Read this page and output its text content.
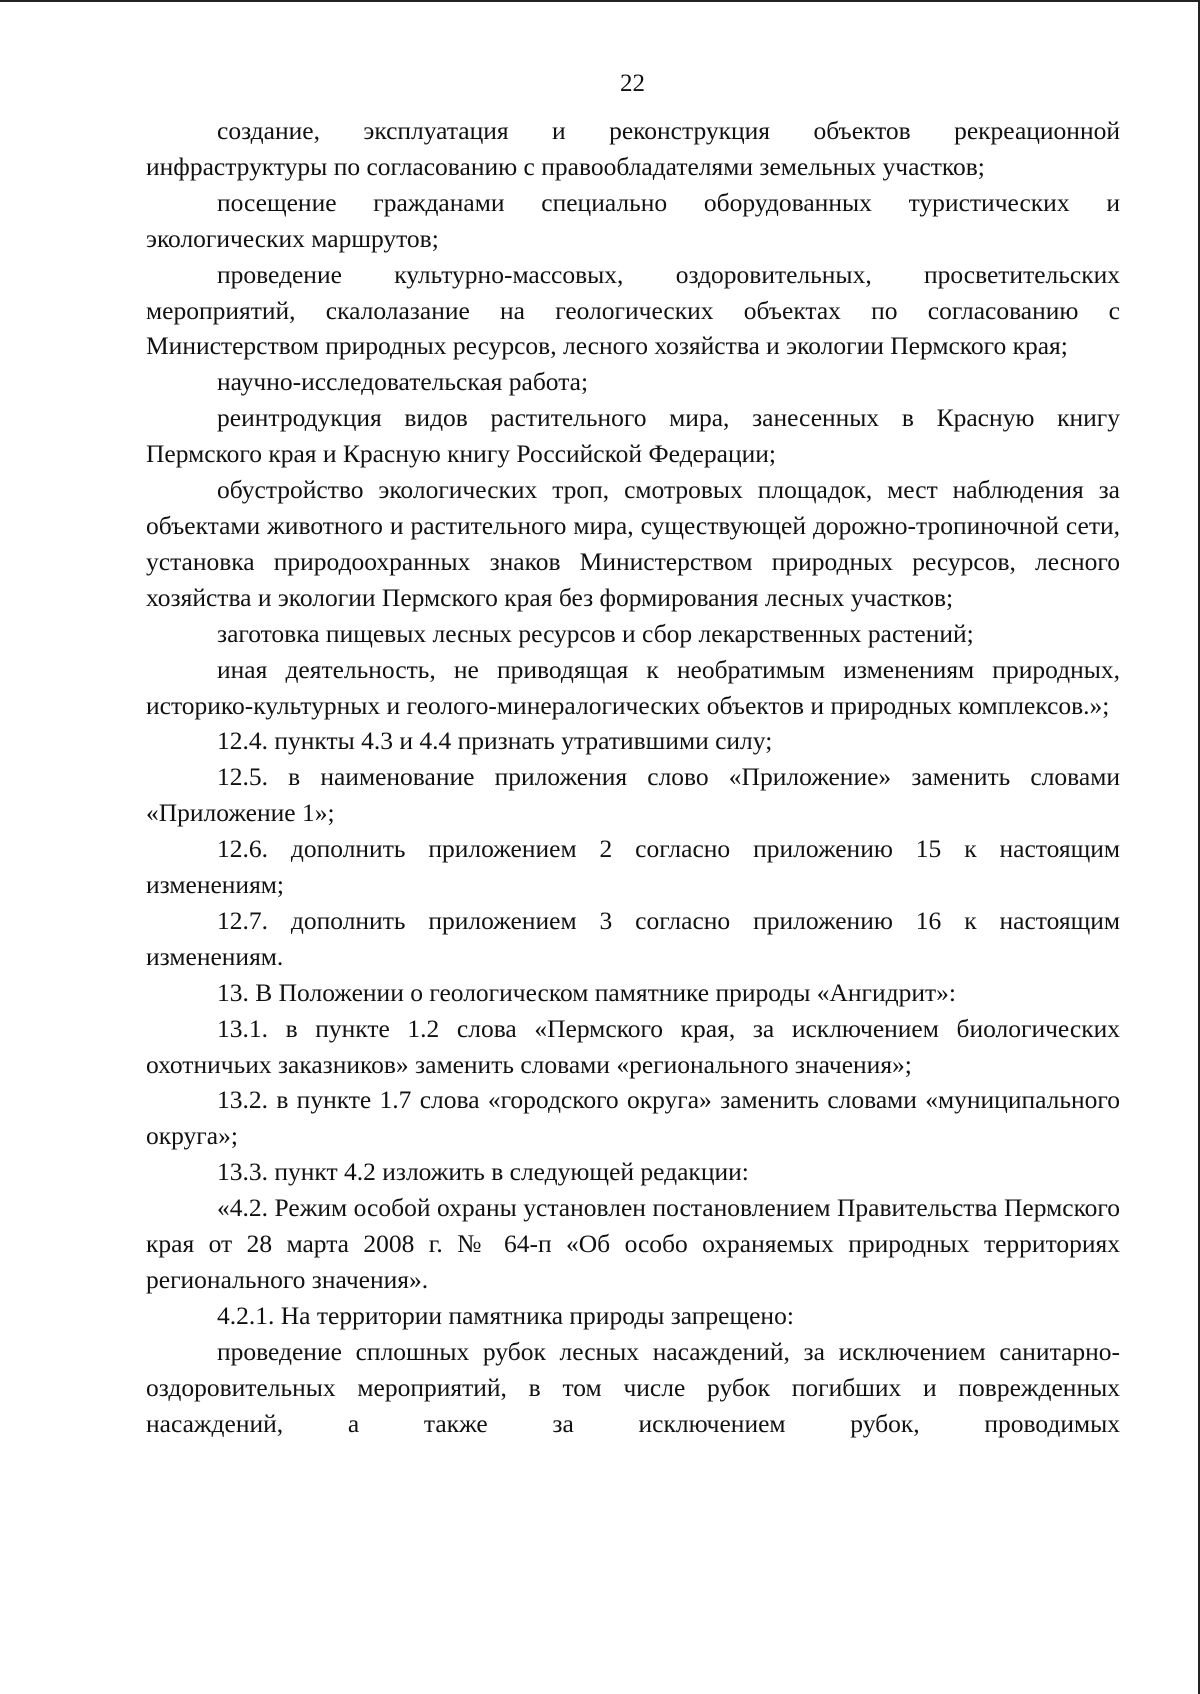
22

создание, эксплуатация и реконструкция объектов рекреационной инфраструктуры по согласованию с правообладателями земельных участков;

посещение гражданами специально оборудованных туристических и экологических маршрутов;

проведение культурно-массовых, оздоровительных, просветительских мероприятий, скалолазание на геологических объектах по согласованию с Министерством природных ресурсов, лесного хозяйства и экологии Пермского края;

научно-исследовательская работа;

реинтродукция видов растительного мира, занесенных в Красную книгу Пермского края и Красную книгу Российской Федерации;

обустройство экологических троп, смотровых площадок, мест наблюдения за объектами животного и растительного мира, существующей дорожно-тропиночной сети, установка природоохранных знаков Министерством природных ресурсов, лесного хозяйства и экологии Пермского края без формирования лесных участков;

заготовка пищевых лесных ресурсов и сбор лекарственных растений;

иная деятельность, не приводящая к необратимым изменениям природных, историко-культурных и геолого-минералогических объектов и природных комплексов.»;

12.4. пункты 4.3 и 4.4 признать утратившими силу;

12.5. в наименование приложения слово «Приложение» заменить словами «Приложение 1»;

12.6. дополнить приложением 2 согласно приложению 15 к настоящим изменениям;

12.7. дополнить приложением 3 согласно приложению 16 к настоящим изменениям.

13. В Положении о геологическом памятнике природы «Ангидрит»:

13.1. в пункте 1.2 слова «Пермского края, за исключением биологических охотничьих заказников» заменить словами «регионального значения»;

13.2. в пункте 1.7 слова «городского округа» заменить словами «муниципального округа»;

13.3. пункт 4.2 изложить в следующей редакции:

«4.2. Режим особой охраны установлен постановлением Правительства Пермского края от 28 марта 2008 г. № 64-п «Об особо охраняемых природных территориях регионального значения».

4.2.1. На территории памятника природы запрещено:

проведение сплошных рубок лесных насаждений, за исключением санитарно-оздоровительных мероприятий, в том числе рубок погибших и поврежденных насаждений, а также за исключением рубок, проводимых
